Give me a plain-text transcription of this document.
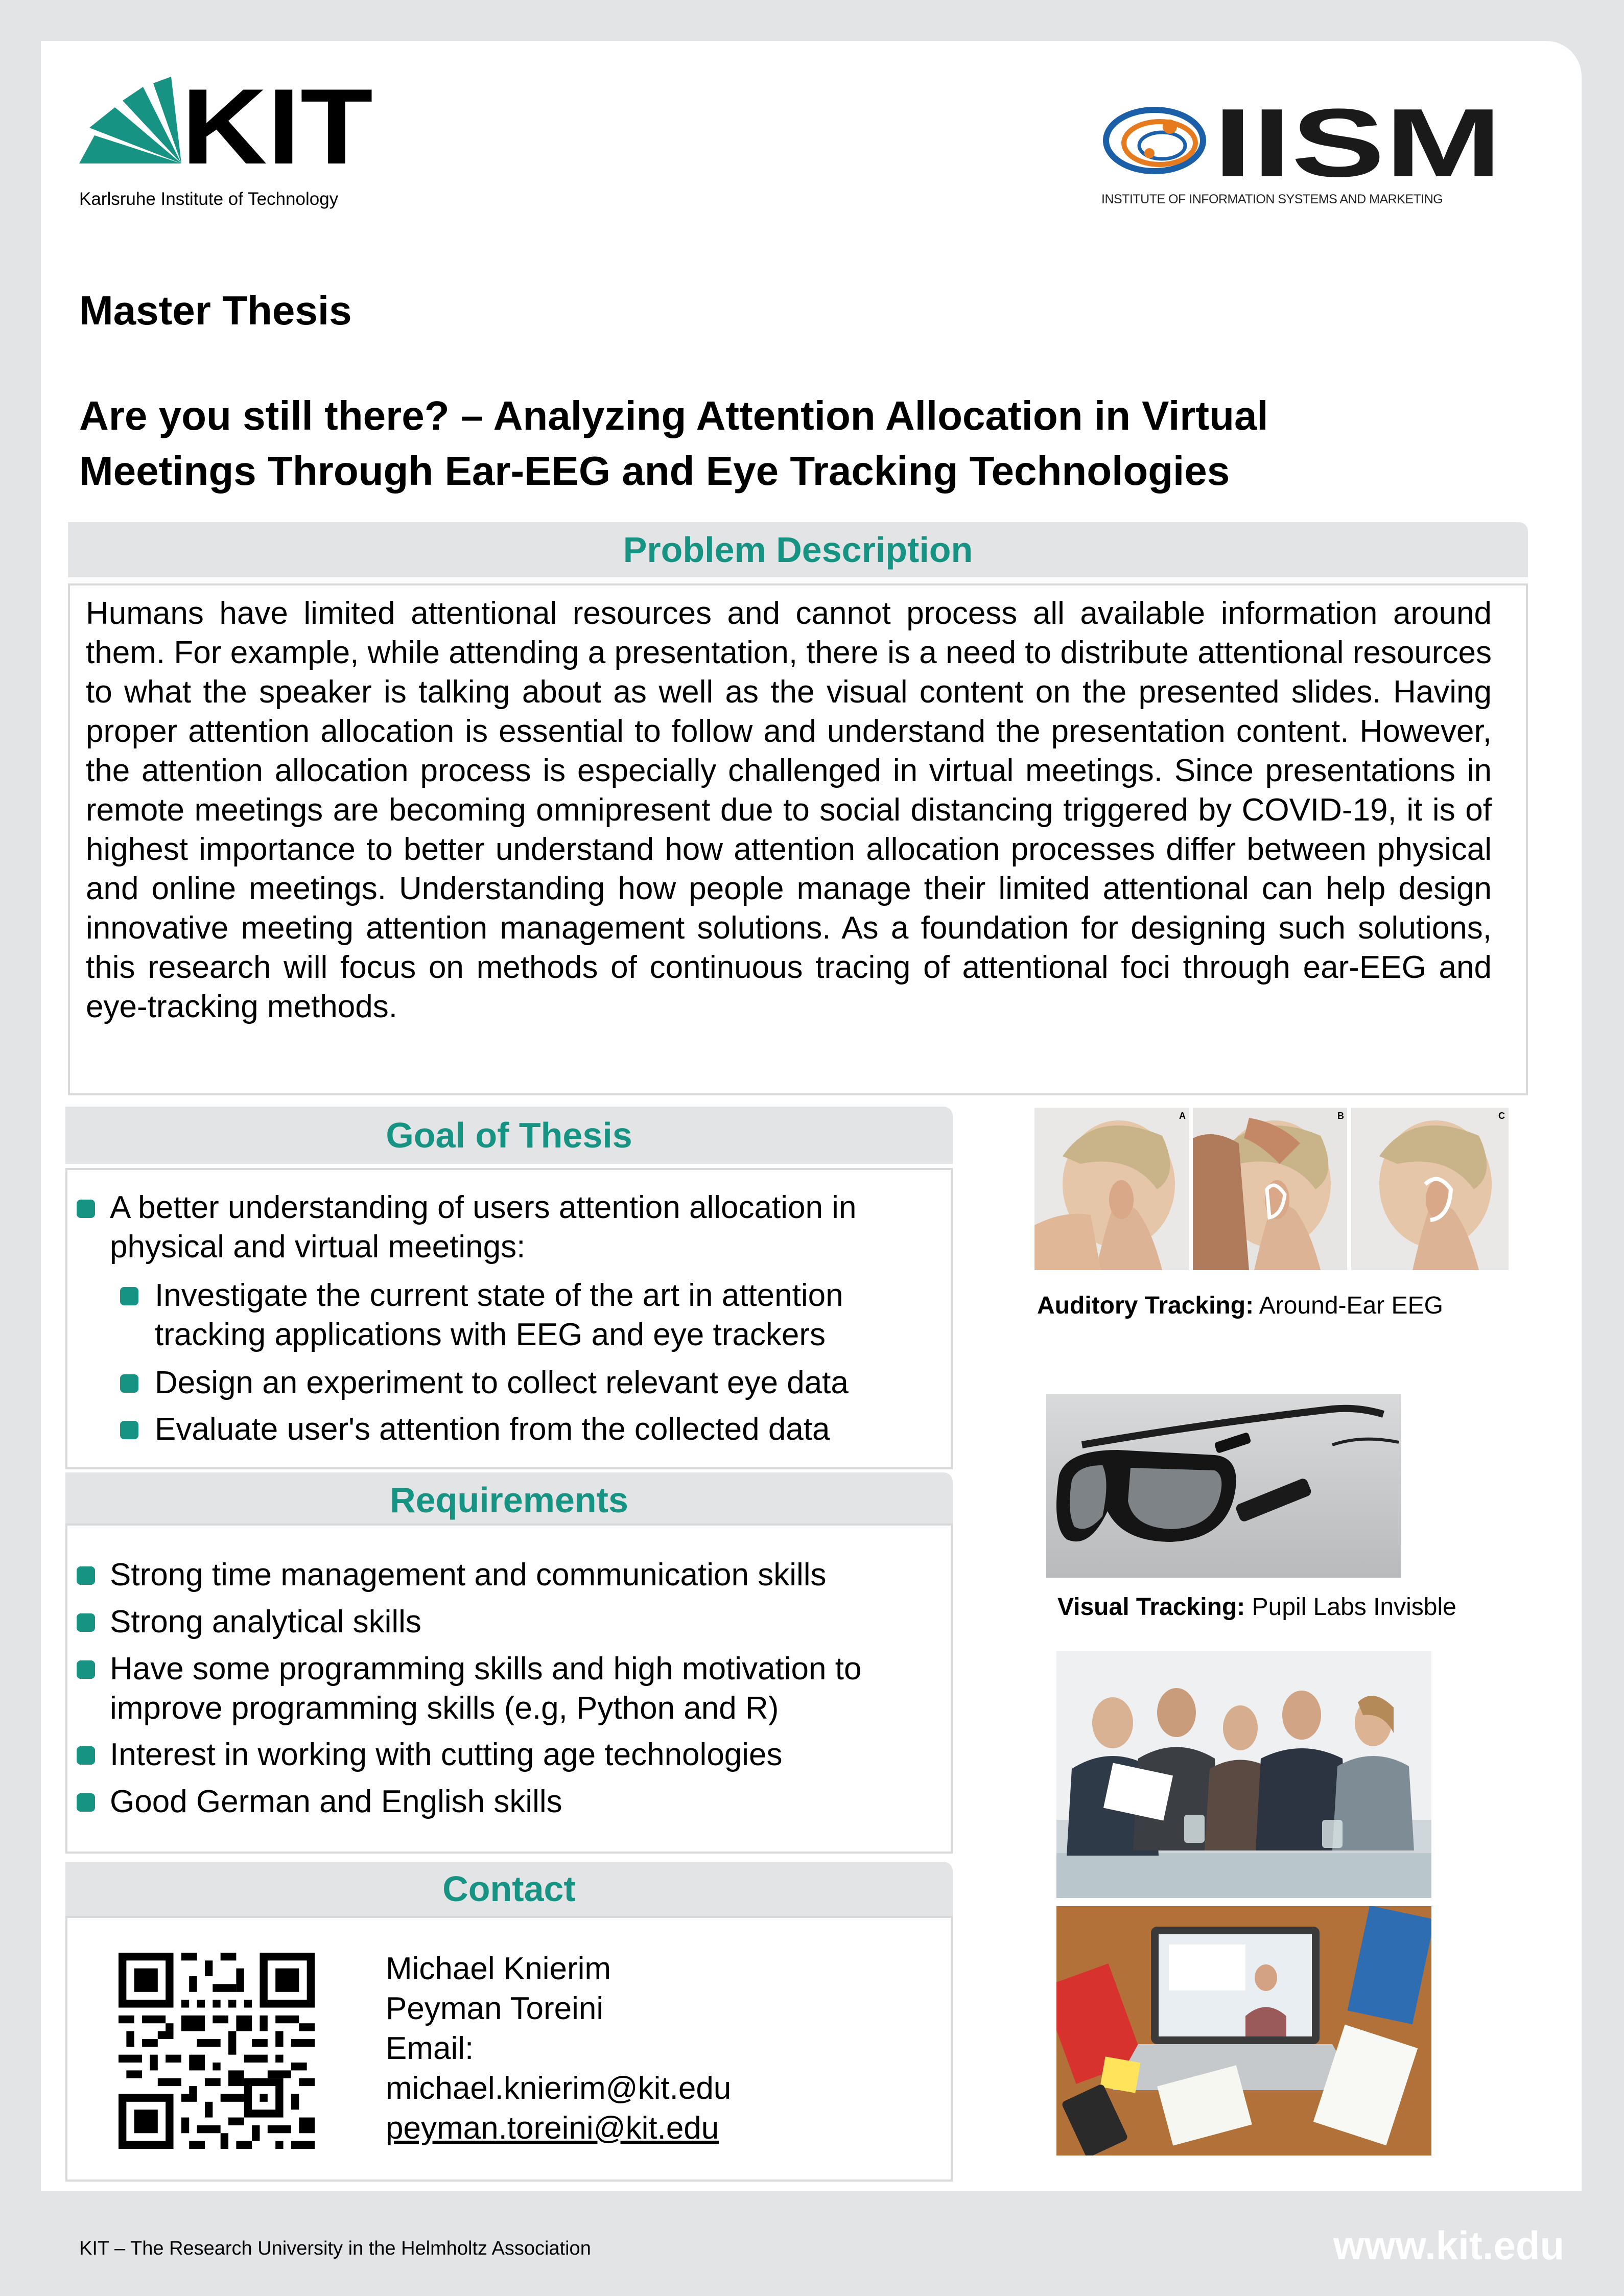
KIT
Karlsruhe Institute of Technology
IISM
INSTITUTE OF INFORMATION SYSTEMS AND MARKETING
Master Thesis
Are you still there? – Analyzing Attention Allocation in Virtual
Meetings Through Ear-EEG and Eye Tracking Technologies
Problem Description
Humans have limited attentional resources and cannot process all available information around them. For example, while attending a presentation, there is a need to distribute attentional resources to what the speaker is talking about as well as the visual content on the presented slides. Having proper attention allocation is essential to follow and understand the presentation content. However, the attention allocation process is especially challenged in virtual meetings. Since presentations in remote meetings are becoming omnipresent due to social distancing triggered by COVID-19, it is of highest importance to better understand how attention allocation processes differ between physical and online meetings. Understanding how people manage their limited attentional can help design innovative meeting attention management solutions. As a foundation for designing such solutions, this research will focus on methods of continuous tracing of attentional foci through ear-EEG and eye-tracking methods.
Goal of Thesis
A better understanding of users attention allocation in
physical and virtual meetings:
Investigate the current state of the art in attention
tracking applications with EEG and eye trackers
Design an experiment to collect relevant eye data
Evaluate user's attention from the collected data
Requirements
Strong time management and communication skills
Strong analytical skills
Have some programming skills and high motivation to
improve programming skills (e.g, Python and R)
Interest in working with cutting age technologies
Good German and English skills
Contact
Michael Knierim
Peyman Toreini
Email:
michael.knierim@kit.edu
peyman.toreini@kit.edu
A	B	C
Auditory Tracking: Around-Ear EEG
Visual Tracking: Pupil Labs Invisble
KIT – The Research University in the Helmholtz Association	www.kit.edu
